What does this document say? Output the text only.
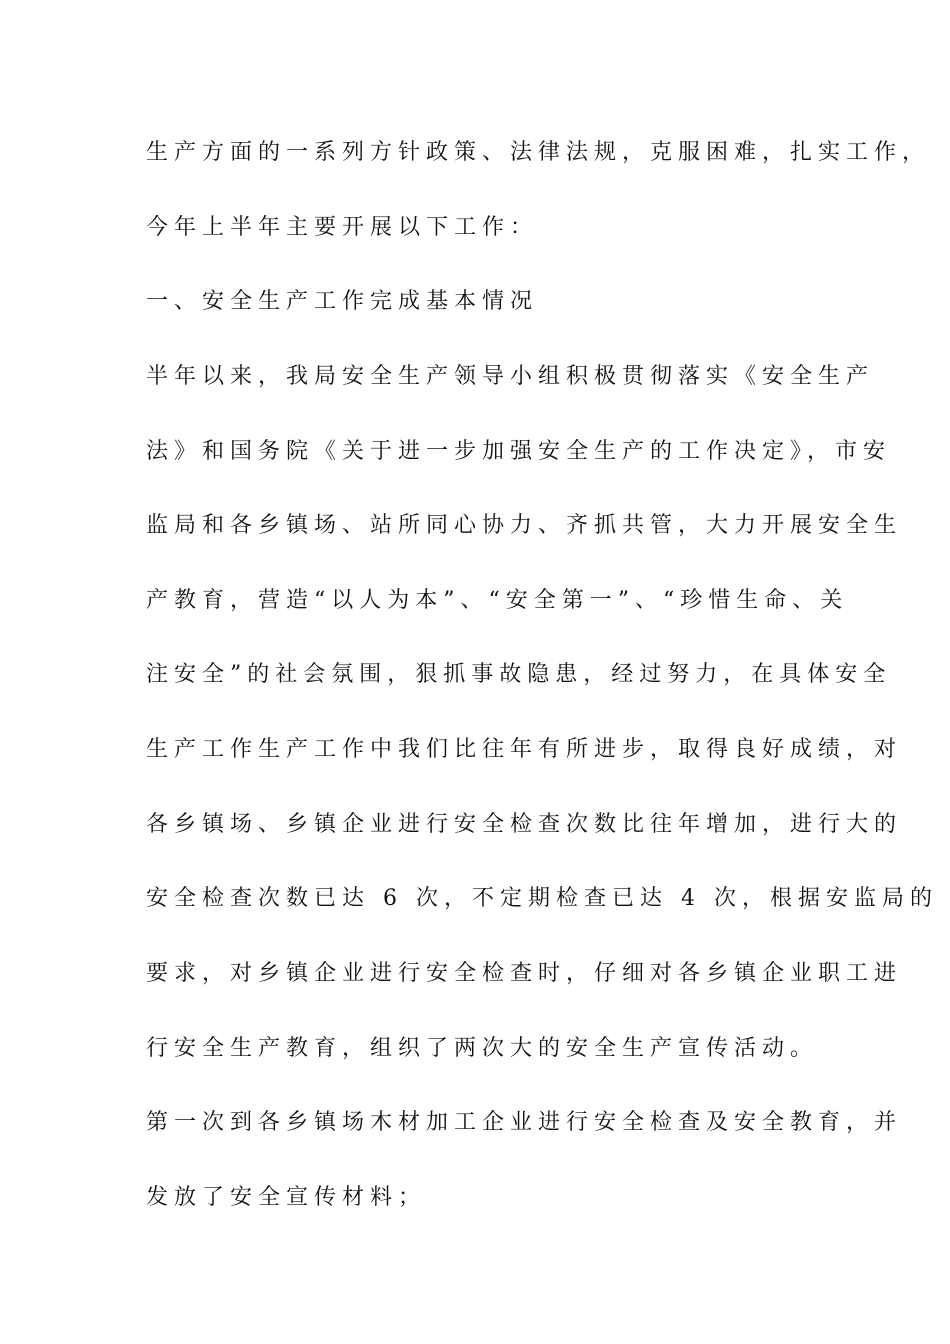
生产方面的一系列方针政策、法律法规，克服困难，扎实工作，
今年上半年主要开展以下工作：
一、安全生产工作完成基本情况
半年以来，我局安全生产领导小组积极贯彻落实《安全生产
法》和国务院《关于进一步加强安全生产的工作决定》，市安
监局和各乡镇场、站所同心协力、齐抓共管，大力开展安全生
产教育，营造“以人为本”、“安全第一”、“珍惜生命、关
注安全”的社会氛围，狠抓事故隐患，经过努力，在具体安全
生产工作生产工作中我们比往年有所进步，取得良好成绩，对
各乡镇场、乡镇企业进行安全检查次数比往年增加，进行大的
安全检查次数已达 6 次，不定期检查已达 4 次，根据安监局的
要求，对乡镇企业进行安全检查时，仔细对各乡镇企业职工进
行安全生产教育，组织了两次大的安全生产宣传活动。
第一次到各乡镇场木材加工企业进行安全检查及安全教育，并
发放了安全宣传材料；
